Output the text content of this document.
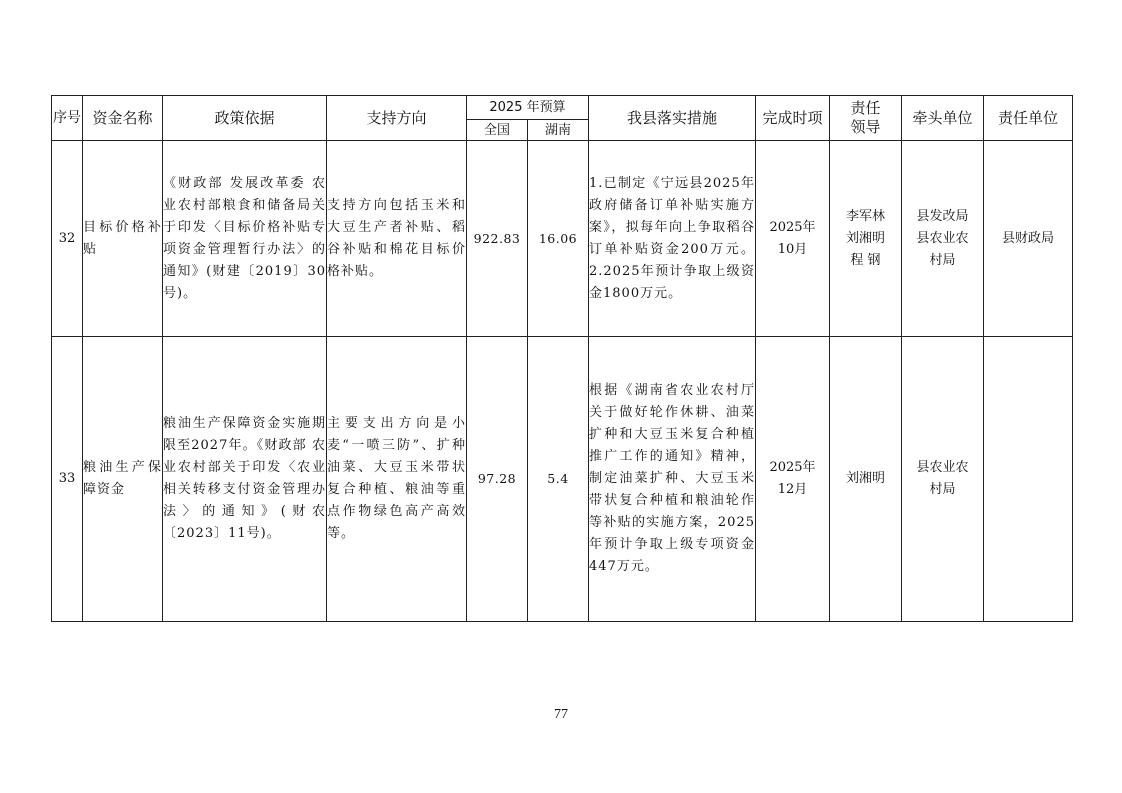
序号	资金名称	政策依据	支持方向	2025 年预算		我县落实措施	完成时项	责任领导	牵头单位	责任单位
				全国	湖南					
32	目标价格补贴	《财政部 发展改革委 农业农村部粮食和储备局关于印发〈目标价格补贴专项资金管理暂行办法〉的通知》(财建〔2019〕30号)。	支持方向包括玉米和大豆生产者补贴、稻谷补贴和棉花目标价格补贴。	922.83	16.06	1.已制定《宁远县2025年政府储备订单补贴实施方案》，拟每年向上争取稻谷订单补贴资金200万元。2.2025年预计争取上级资金1800万元。	2025年10月	李军林 刘湘明 程 钢	县发改局 县农业农村局	县财政局
33	粮油生产保障资金	粮油生产保障资金实施期限至2027年。《财政部 农业农村部关于印发〈农业相关转移支付资金管理办法〉的通知》(财农〔2023〕11号)。	主要支出方向是小麦“一喷三防”、扩种油菜、大豆玉米带状复合种植、粮油等重点作物绿色高产高效等。	97.28	5.4	根据《湖南省农业农村厅关于做好轮作休耕、油菜扩种和大豆玉米复合种植推广工作的通知》精神，制定油菜扩种、大豆玉米带状复合种植和粮油轮作等补贴的实施方案，2025年预计争取上级专项资金447万元。	2025年12月	刘湘明	县农业农村局	
77
